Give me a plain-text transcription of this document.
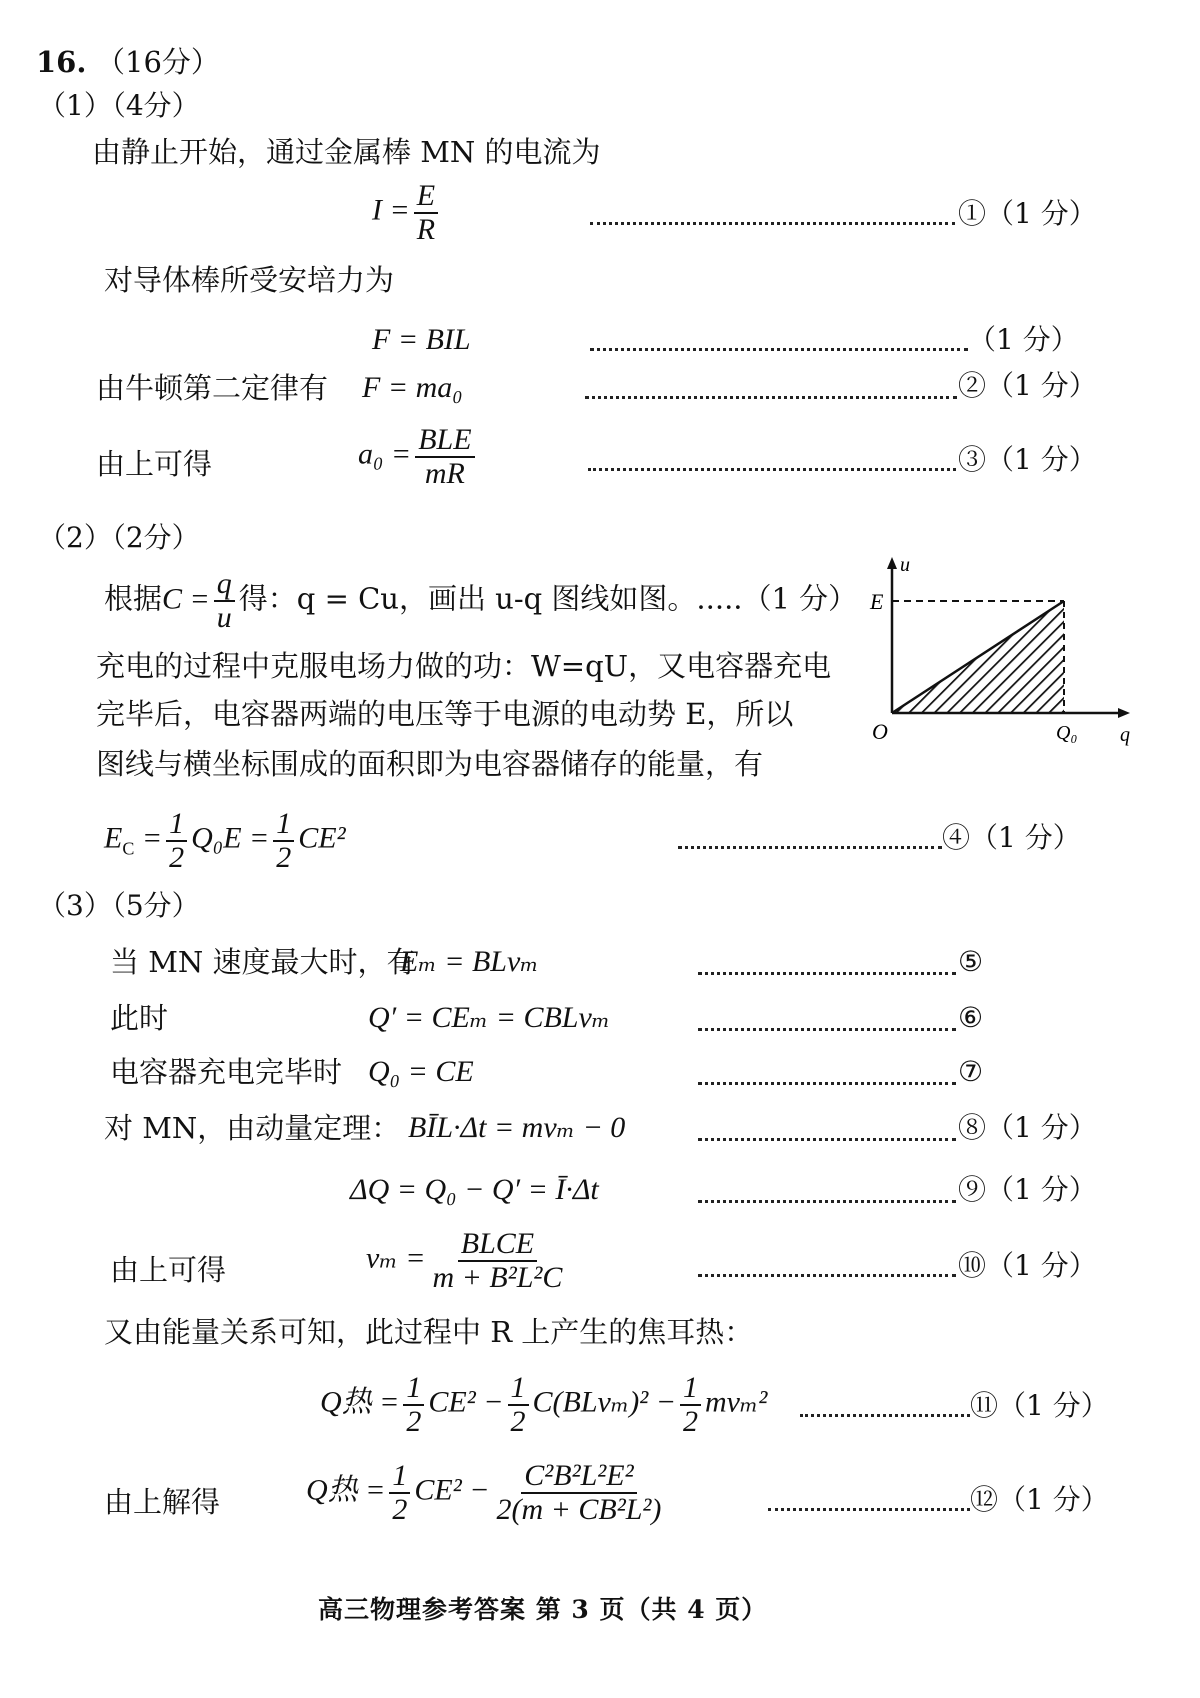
16. （16分）
（1）（4分）
由静止开始，通过金属棒 MN 的电流为
$I = \frac{E}{R}$	①（1 分）
对导体棒所受安培力为
F = BIL	（1 分）
由牛顿第二定律有 F = ma₀	②（1 分）
由上可得	$a_0 = \frac{\text{BLE}}{mR}$	③（1 分）
（2）（2分）
根据$C = \frac{q}{u}$ 得：q = Cu，画出 u-q 图线如图。.....（1 分）
充电的过程中克服电场力做的功：W=qU，又电容器充电
完毕后，电容器两端的电压等于电源的电动势 E，所以
图线与横坐标围成的面积即为电容器储存的能量，有
$E_C = \frac{1}{2} Q_0E = \frac{1}{2} CE^2$	④（1 分）
u
q
O
E
Q₀
（3）（5分）
当 MN 速度最大时，有
Eₘ = BLvₘ	⑤
此时	Q′ = CEₘ = CBLvₘ	⑥
电容器充电完毕时 Q₀ = CE	⑦
对 MN，由动量定理： BĪL·Δt = mvₘ − 0	⑧（1 分）
ΔQ = Q₀ − Q′ = Ī·Δt	⑨（1 分）
由上可得	$v_m = \frac{\text{BLCE}}{\text{m + B²L²C}}$	⑩（1 分）
又由能量关系可知，此过程中 R 上产生的焦耳热：
Q热 = $\frac{1}{2} CE^2 - \frac{1}{2} C(BLv_m)^2 - \frac{1}{2} mv_m^2$	⑪（1 分）
由上解得	Q热 = $\frac{1}{2} CE^2 - \frac{\text{C²B²L²E²}}{\text{2(m + CB²L²)}}$	⑫（1 分）
高三物理参考答案 第 3 页（共 4 页）
